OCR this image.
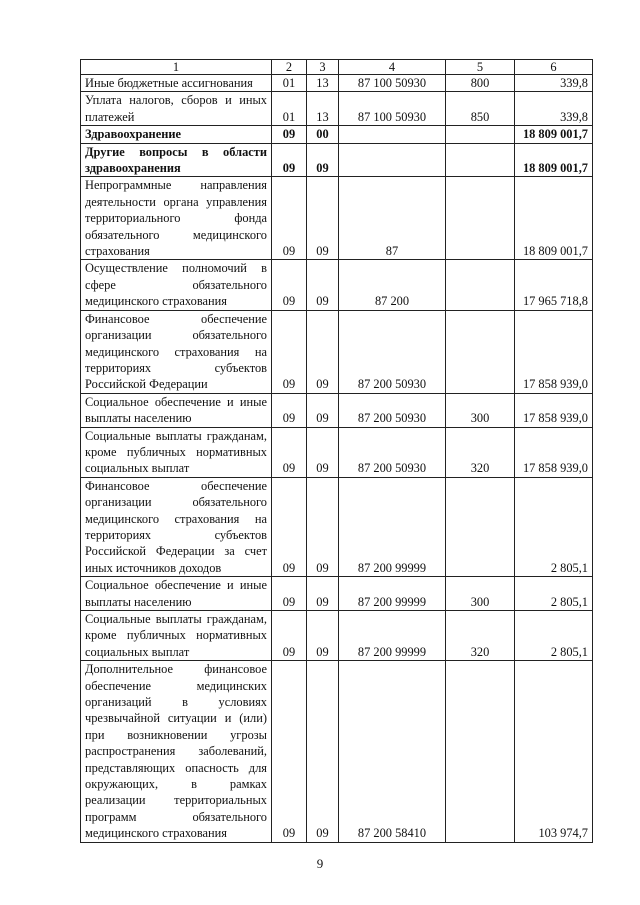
1	2	3	4	5	6
Иные бюджетные ассигнования	01	13	87 100 50930	800	339,8
Уплата налогов, сборов и иных платежей	01	13	87 100 50930	850	339,8
Здравоохранение	09	00			18 809 001,7
Другие вопросы в области здравоохранения	09	09			18 809 001,7
Непрограммные направления деятельности органа управления территориального фонда обязательного медицинского страхования	09	09	87		18 809 001,7
Осуществление полномочий в сфере обязательного медицинского страхования	09	09	87 200		17 965 718,8
Финансовое обеспечение организации обязательного медицинского страхования на территориях субъектов Российской Федерации	09	09	87 200 50930		17 858 939,0
Социальное обеспечение и иные выплаты населению	09	09	87 200 50930	300	17 858 939,0
Социальные выплаты гражданам, кроме публичных нормативных социальных выплат	09	09	87 200 50930	320	17 858 939,0
Финансовое обеспечение организации обязательного медицинского страхования на территориях субъектов Российской Федерации за счет иных источников доходов	09	09	87 200 99999		2 805,1
Социальное обеспечение и иные выплаты населению	09	09	87 200 99999	300	2 805,1
Социальные выплаты гражданам, кроме публичных нормативных социальных выплат	09	09	87 200 99999	320	2 805,1
Дополнительное финансовое обеспечение медицинских организаций в условиях чрезвычайной ситуации и (или) при возникновении угрозы распространения заболеваний, представляющих опасность для окружающих, в рамках реализации территориальных программ обязательного медицинского страхования	09	09	87 200 58410		103 974,7
9
